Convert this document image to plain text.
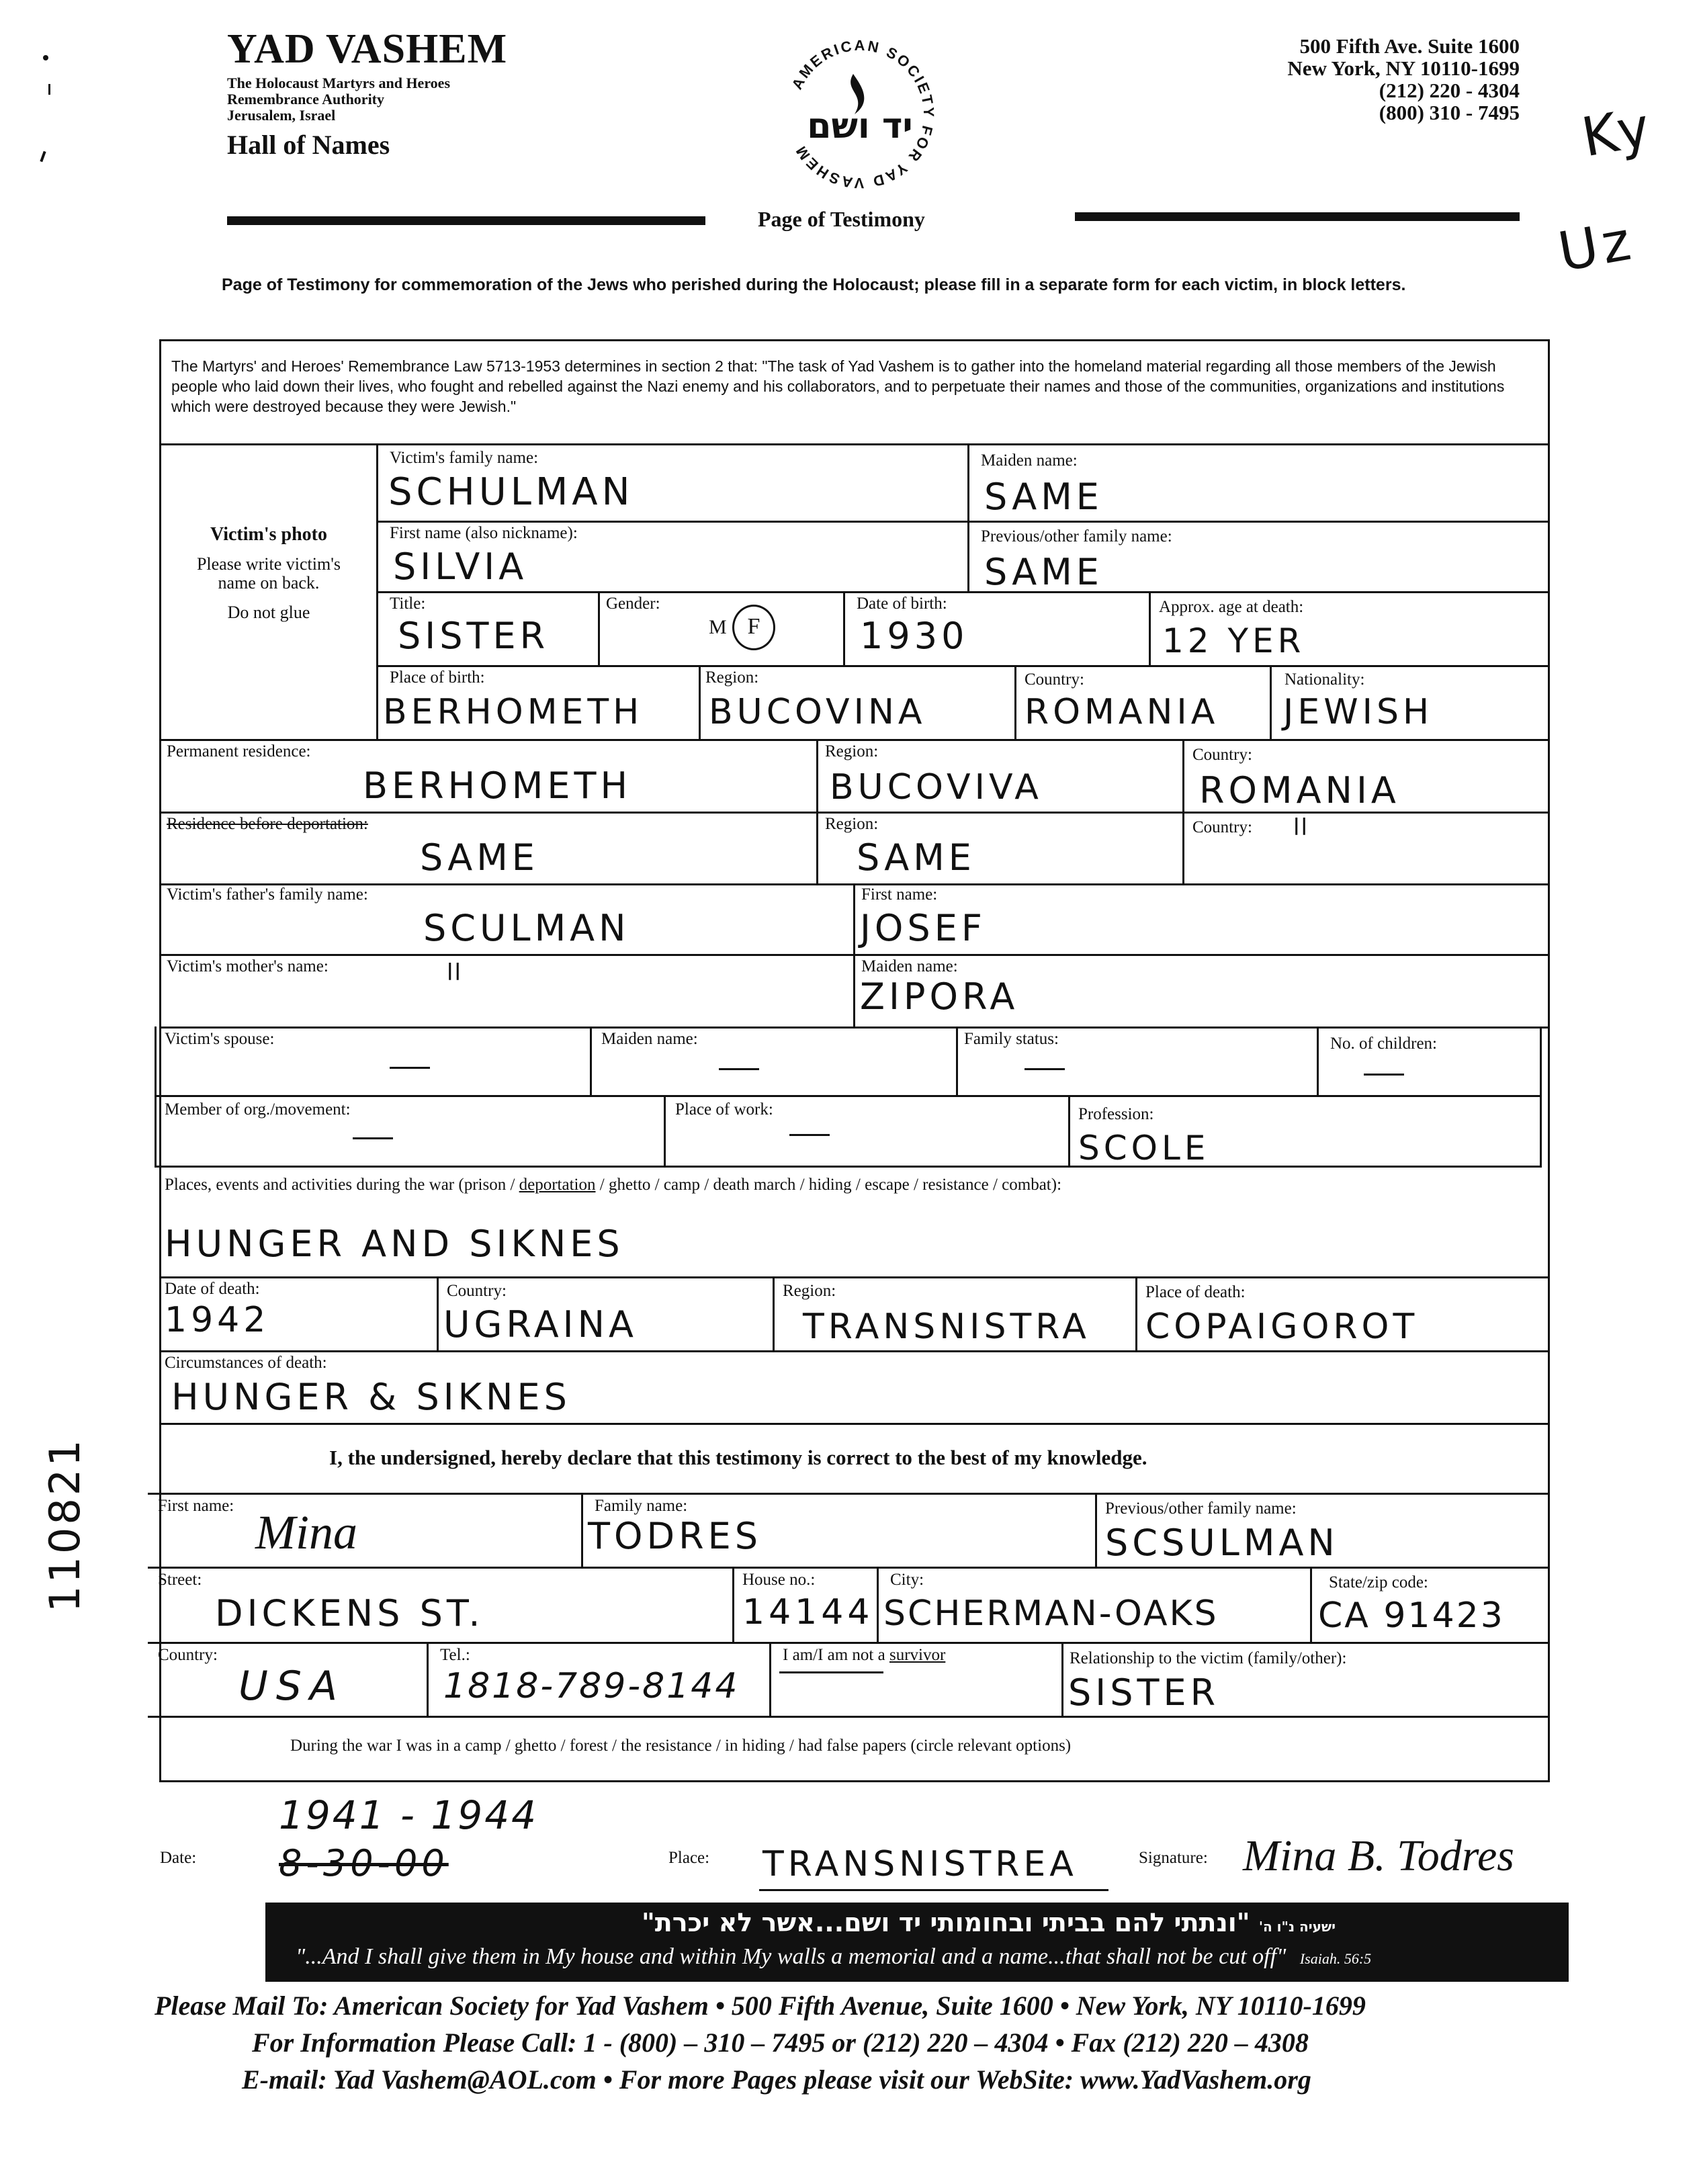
YAD VASHEM
The Holocaust Martyrs and Heroes
Remembrance Authority
Jerusalem, Israel
Hall of Names
AMERICAN SOCIETY FOR YAD VASHEM
יד ושם
Page of Testimony
500 Fifth Ave. Suite 1600
New York, NY 10110-1699
(212) 220 - 4304
(800) 310 - 7495 Ky
Uz
Page of Testimony for commemoration of the Jews who perished during the Holocaust; please fill in a separate form for each victim, in block letters.
The Martyrs' and Heroes' Remembrance Law 5713-1953 determines in section 2 that: "The task of Yad Vashem is to gather into the homeland material regarding all those members of the Jewish people who laid down their lives, who fought and rebelled against the Nazi enemy and his collaborators, and to perpetuate their names and those of the communities, organizations and institutions which were destroyed because they were Jewish."
Victim's photo
Please write victim's
name on back.
Do not glue
Victim's family name:
SCHULMAN
Maiden name:
SAME
First name (also nickname):
SILVIA
Previous/other family name:
SAME
Title:
SISTER
Gender:
M F
Date of birth:
1930
Approx. age at death:
12 YER
Place of birth:
BERHOMETH
Region:
BUCOVINA
Country:
ROMANIA
Nationality:
JEWISH
Permanent residence:
BERHOMETH
Region:
BUCOVIVA
Country:
ROMANIA
Residence before deportation:
SAME
Region:
SAME
Country: ll
Victim's father's family name:
SCULMAN
First name:
JOSEF
Victim's mother's name:	ll	Maiden name:
ZIPORA
Victim's spouse:	Maiden name:	Family status:	No. of children:
Member of org./movement:	Place of work:	Profession:
SCOLE
Places, events and activities during the war (prison / deportation / ghetto / camp / death march / hiding / escape / resistance / combat):
HUNGER AND SIKNES
Date of death:
1942
Country:
UGRAINA
Region:
TRANSNISTRA
Place of death:
COPAIGOROT
Circumstances of death:
HUNGER & SIKNES
I, the undersigned, hereby declare that this testimony is correct to the best of my knowledge.
First name: Mina	Family name:
TODRES
Previous/other family name:
SCSULMAN
Street:
DICKENS ST.
House no.:
14144
City:
SCHERMAN-OAKS
State/zip code:
CA 91423
Country:
USA
Tel.:
1818-789-8144
I am/I am not a survivor	Relationship to the victim (family/other):
SISTER
During the war I was in a camp / ghetto / forest / the resistance / in hiding / had false papers (circle relevant options)
110821
1941 - 1944
Date: 8-30-00	Place: TRANSNISTREA	Signature: Mina B. Todres
ישעיה נ"ו ה' "ונתתי להם בביתי ובחומותי יד ושם...אשר לא יכרת"
"...And I shall give them in My house and within My walls a memorial and a name...that shall not be cut off" Isaiah. 56:5
Please Mail To: American Society for Yad Vashem • 500 Fifth Avenue, Suite 1600 • New York, NY 10110-1699
For Information Please Call: 1 - (800) – 310 – 7495 or (212) 220 – 4304 • Fax (212) 220 – 4308
E-mail: Yad Vashem@AOL.com • For more Pages please visit our WebSite: www.YadVashem.org
